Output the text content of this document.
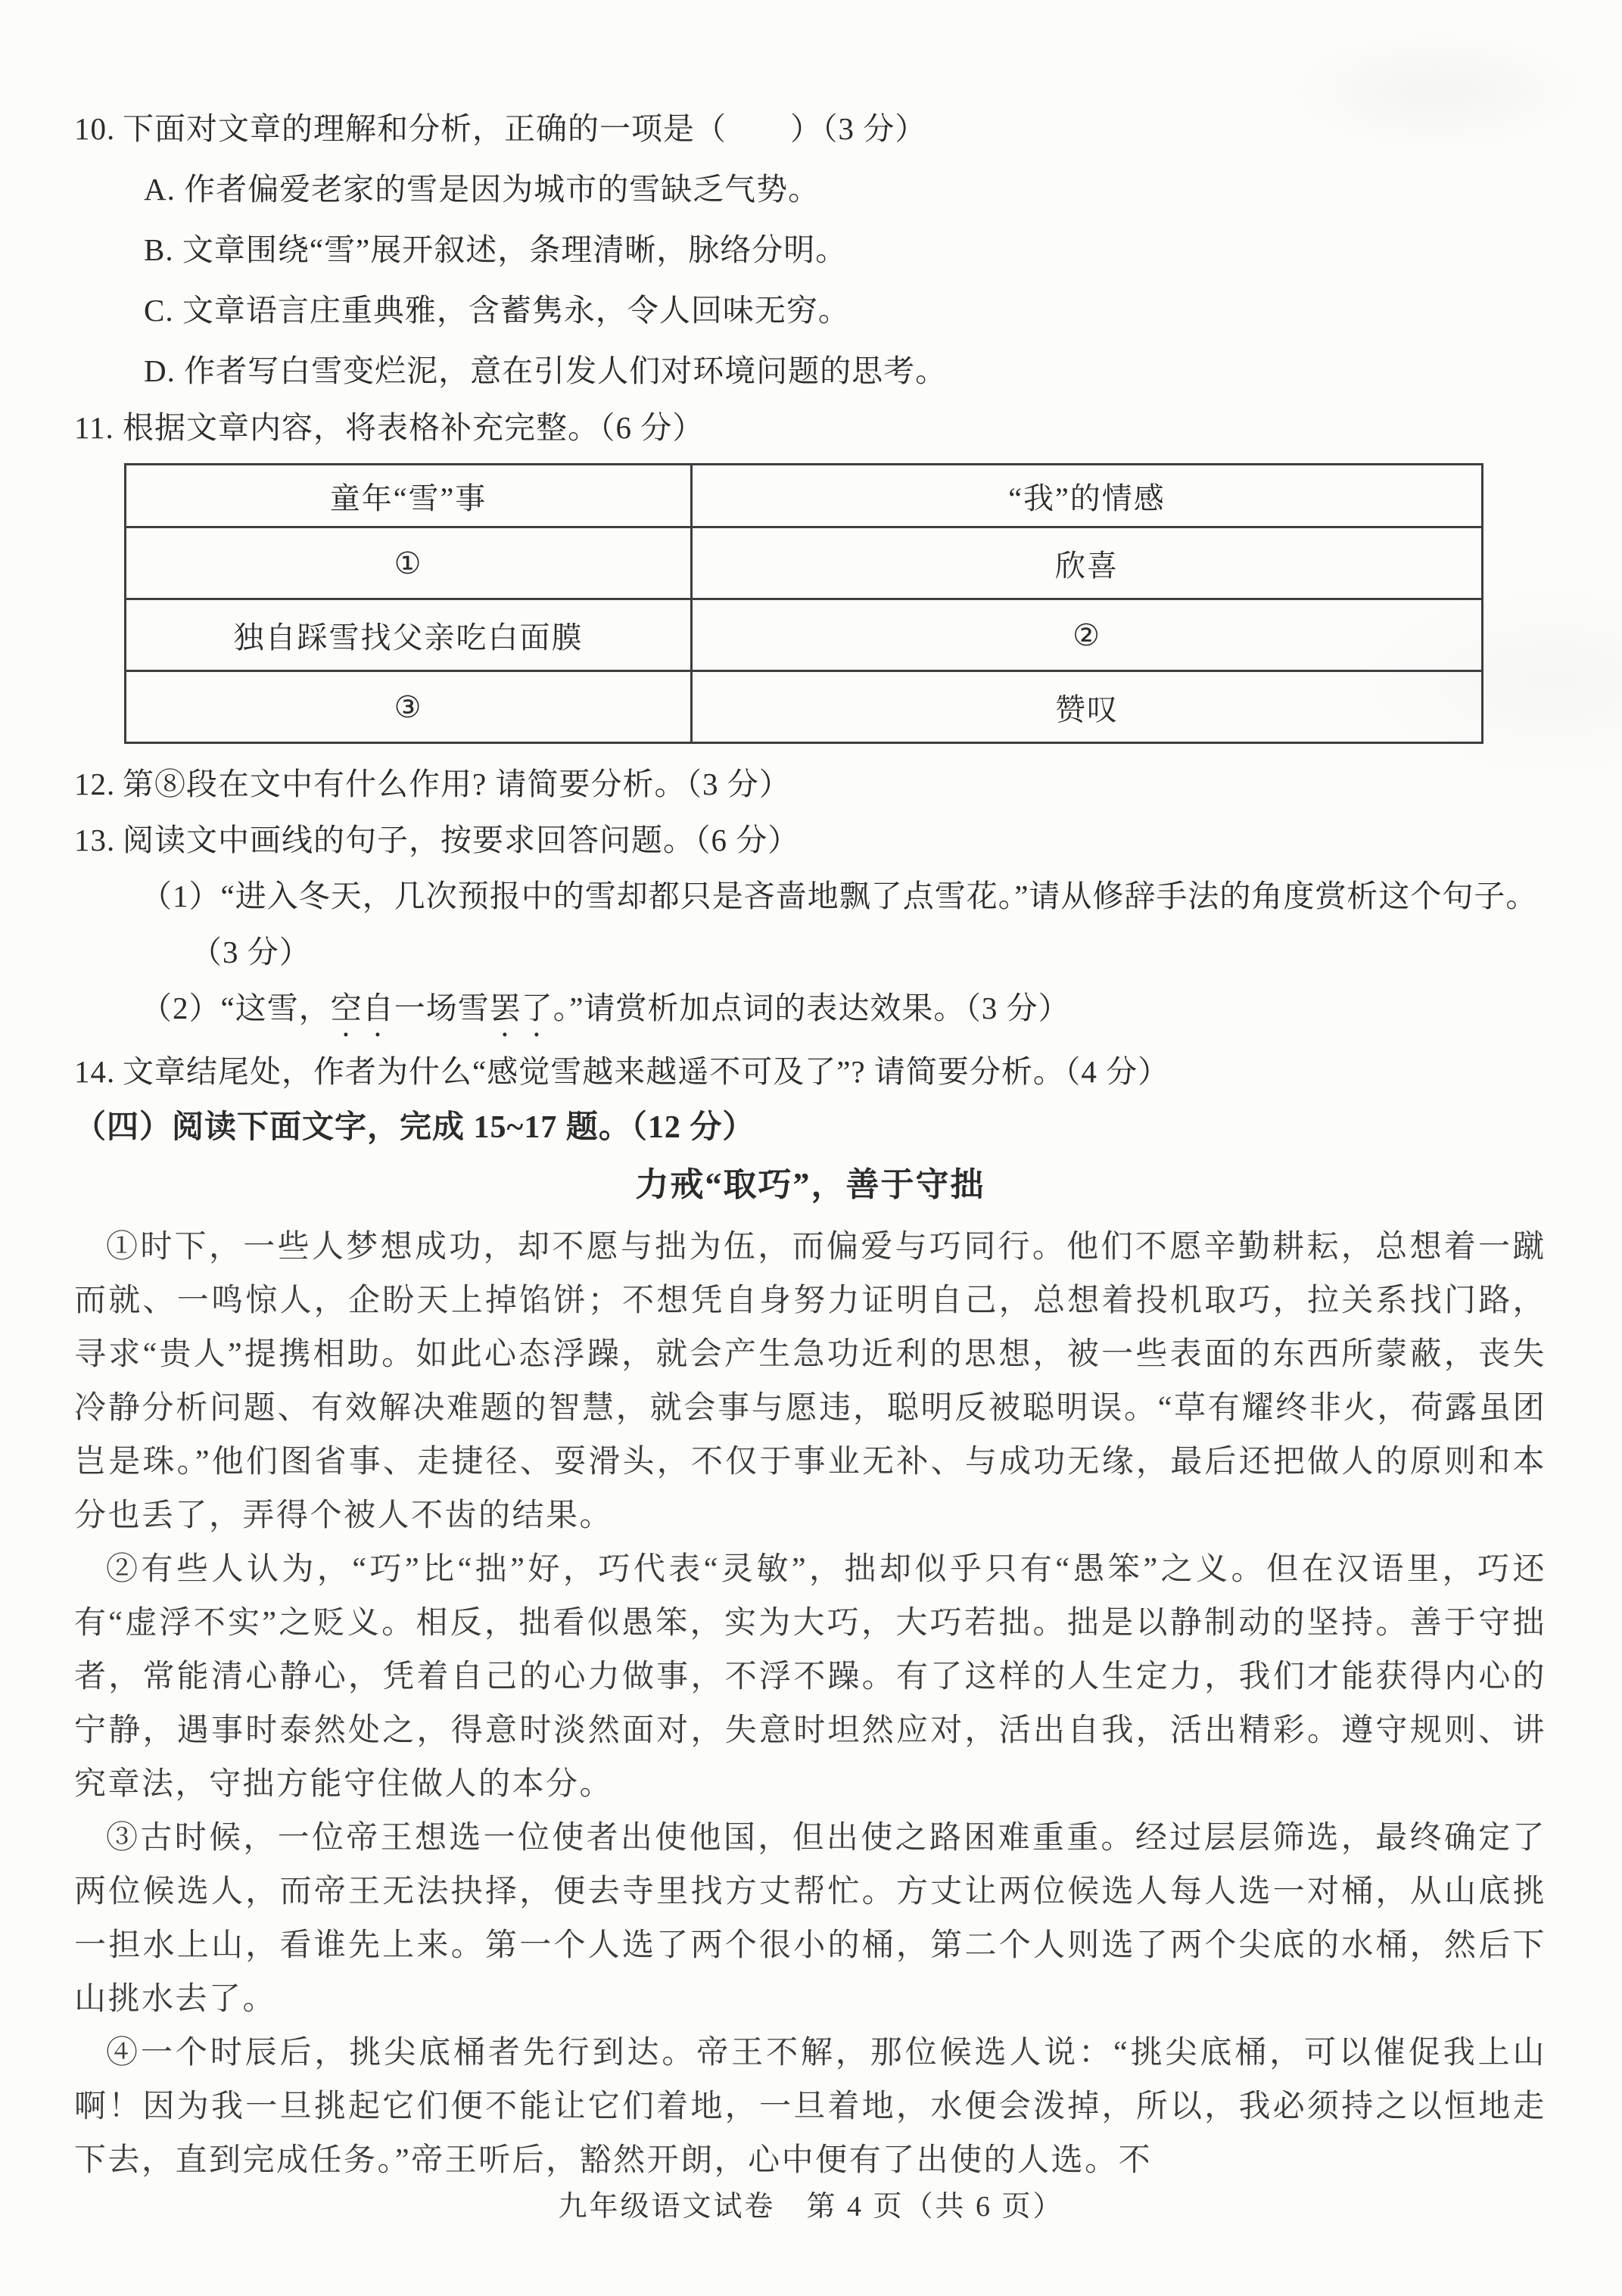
10. 下面对文章的理解和分析，正确的一项是（　　）（3 分）
A. 作者偏爱老家的雪是因为城市的雪缺乏气势。
B. 文章围绕“雪”展开叙述，条理清晰，脉络分明。
C. 文章语言庄重典雅，含蓄隽永，令人回味无穷。
D. 作者写白雪变烂泥，意在引发人们对环境问题的思考。
11. 根据文章内容，将表格补充完整。（6 分）
童年“雪”事	“我”的情感
①	欣喜
独自踩雪找父亲吃白面膜	②
③	赞叹
12. 第⑧段在文中有什么作用? 请简要分析。（3 分）
13. 阅读文中画线的句子，按要求回答问题。（6 分）
（1）“进入冬天，几次预报中的雪却都只是吝啬地飘了点雪花。”请从修辞手法的角度赏析这个句子。（3 分）
（2）“这雪，空自一场雪罢了。”请赏析加点词的表达效果。（3 分）
14. 文章结尾处，作者为什么“感觉雪越来越遥不可及了”? 请简要分析。（4 分）
（四）阅读下面文字，完成 15~17 题。（12 分）
力戒“取巧”，善于守拙

①时下，一些人梦想成功，却不愿与拙为伍，而偏爱与巧同行。他们不愿辛勤耕耘，总想着一蹴而就、一鸣惊人，企盼天上掉馅饼；不想凭自身努力证明自己，总想着投机取巧，拉关系找门路，寻求“贵人”提携相助。如此心态浮躁，就会产生急功近利的思想，被一些表面的东西所蒙蔽，丧失冷静分析问题、有效解决难题的智慧，就会事与愿违，聪明反被聪明误。“草有耀终非火，荷露虽团岂是珠。”他们图省事、走捷径、耍滑头，不仅于事业无补、与成功无缘，最后还把做人的原则和本分也丢了，弄得个被人不齿的结果。

②有些人认为，“巧”比“拙”好，巧代表“灵敏”，拙却似乎只有“愚笨”之义。但在汉语里，巧还有“虚浮不实”之贬义。相反，拙看似愚笨，实为大巧，大巧若拙。拙是以静制动的坚持。善于守拙者，常能清心静心，凭着自己的心力做事，不浮不躁。有了这样的人生定力，我们才能获得内心的宁静，遇事时泰然处之，得意时淡然面对，失意时坦然应对，活出自我，活出精彩。遵守规则、讲究章法，守拙方能守住做人的本分。

③古时候，一位帝王想选一位使者出使他国，但出使之路困难重重。经过层层筛选，最终确定了两位候选人，而帝王无法抉择，便去寺里找方丈帮忙。方丈让两位候选人每人选一对桶，从山底挑一担水上山，看谁先上来。第一个人选了两个很小的桶，第二个人则选了两个尖底的水桶，然后下山挑水去了。

④一个时辰后，挑尖底桶者先行到达。帝王不解，那位候选人说：“挑尖底桶，可以催促我上山啊！因为我一旦挑起它们便不能让它们着地，一旦着地，水便会泼掉，所以，我必须持之以恒地走下去，直到完成任务。”帝王听后，豁然开朗，心中便有了出使的人选。不

九年级语文试卷　第 4 页（共 6 页）
